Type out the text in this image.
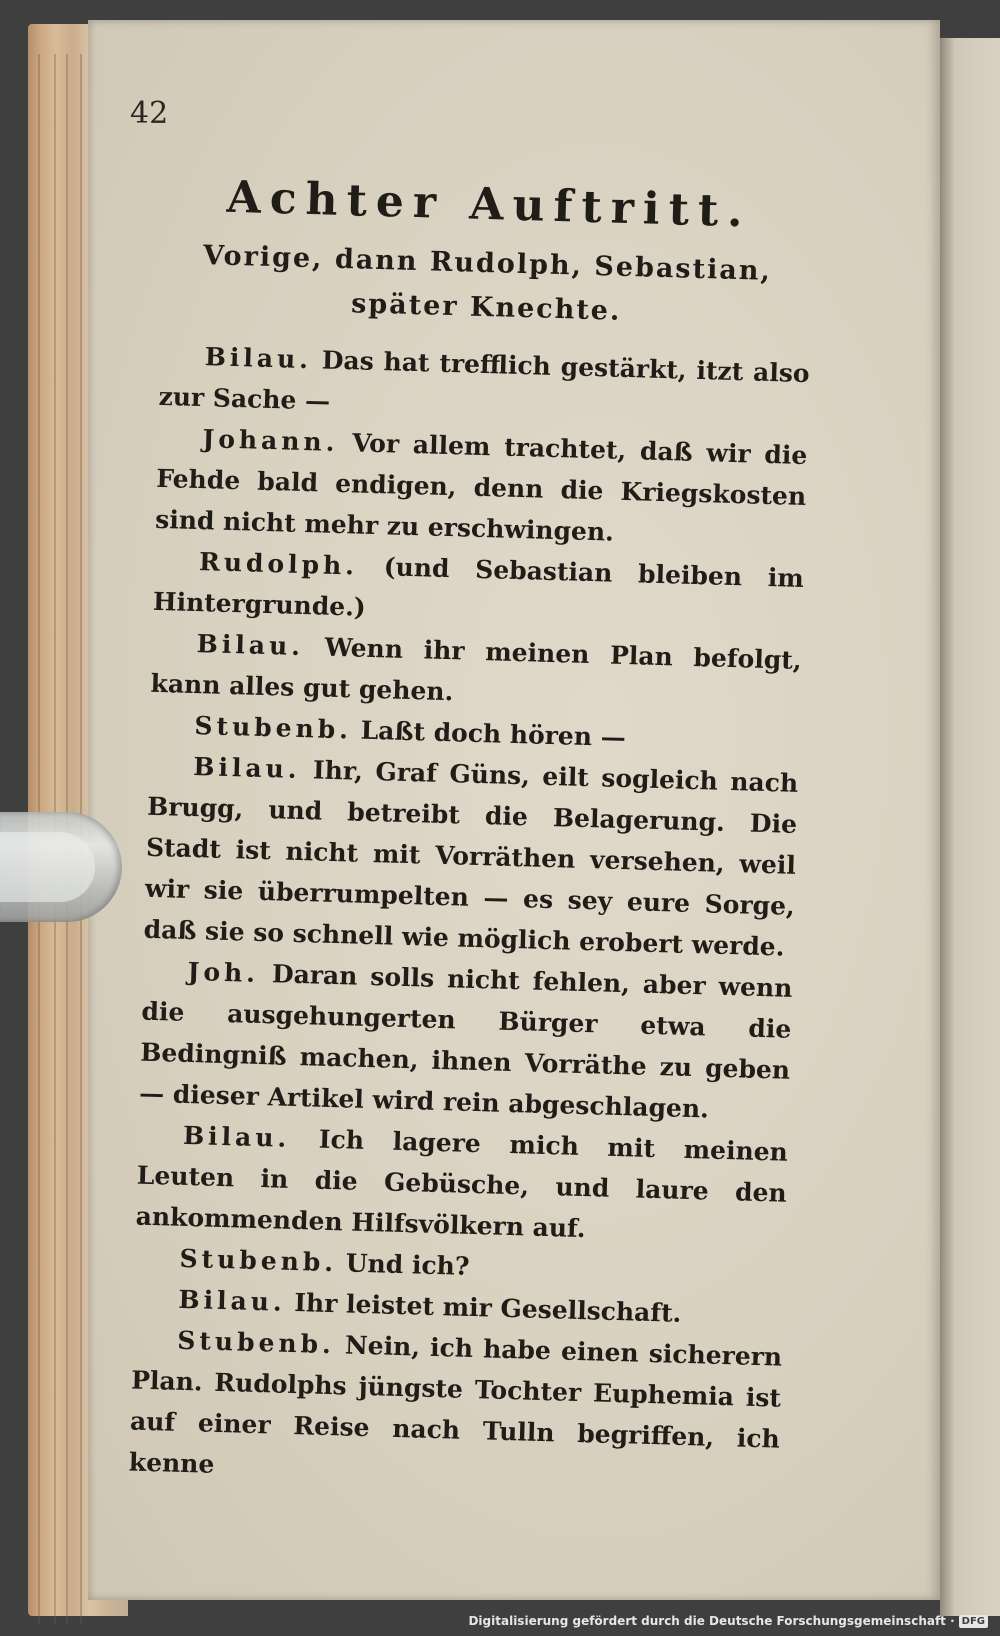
42
Achter Auftritt.
Vorige, dann Rudolph, Sebastian,
später Knechte.

Bilau. Das hat trefflich gestärkt, itzt also zur Sache —

Johann. Vor allem trachtet, daß wir die Fehde bald endigen, denn die Kriegskosten sind nicht mehr zu erschwingen.

Rudolph. (und Sebastian bleiben im Hintergrunde.)

Bilau. Wenn ihr meinen Plan befolgt, kann alles gut gehen.

Stubenb. Laßt doch hören —

Bilau. Ihr, Graf Güns, eilt sogleich nach Brugg, und betreibt die Belagerung. Die Stadt ist nicht mit Vorräthen versehen, weil wir sie überrumpelten — es sey eure Sorge, daß sie so schnell wie möglich erobert werde.

Joh. Daran solls nicht fehlen, aber wenn die ausgehungerten Bürger etwa die Bedingniß machen, ihnen Vorräthe zu geben — dieser Artikel wird rein abgeschlagen.

Bilau. Ich lagere mich mit meinen Leuten in die Gebüsche, und laure den ankommenden Hilfsvölkern auf.

Stubenb. Und ich?

Bilau. Ihr leistet mir Gesellschaft.

Stubenb. Nein, ich habe einen sicherern Plan. Rudolphs jüngste Tochter Euphemia ist auf einer Reise nach Tulln begriffen, ich kenne

Digitalisierung gefördert durch die Deutsche Forschungsgemeinschaft · DFG
